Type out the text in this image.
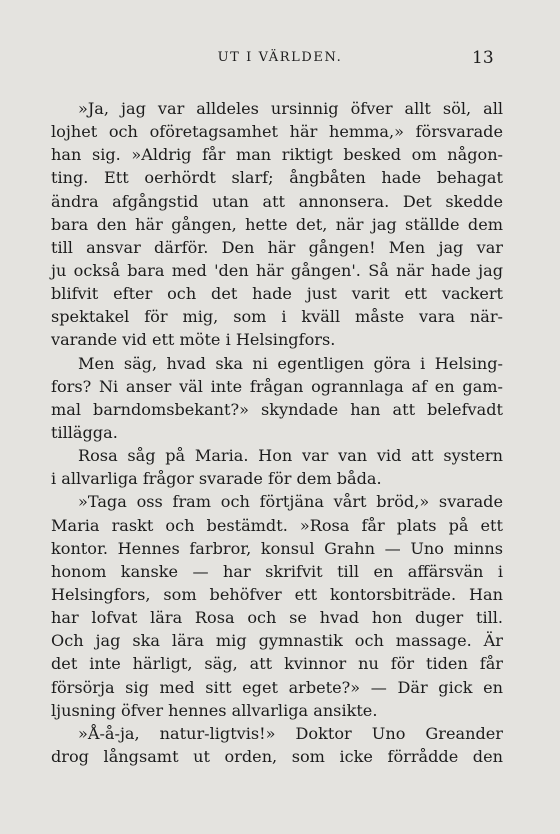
UT I VÄRLDEN.	13
»Ja, jag var alldeles ursinnig öfver allt söl, all
lojhet och oföretagsamhet här hemma,» försvarade
han sig. »Aldrig får man riktigt besked om någon-
ting. Ett oerhördt slarf; ångbåten hade behagat
ändra afgångstid utan att annonsera. Det skedde
bara den här gången, hette det, när jag ställde dem
till ansvar därför. Den här gången! Men jag var
ju också bara med 'den här gången'. Så när hade jag
blifvit efter och det hade just varit ett vackert
spektakel för mig, som i kväll måste vara när-
varande vid ett möte i Helsingfors.
Men säg, hvad ska ni egentligen göra i Helsing-
fors? Ni anser väl inte frågan ogrannlaga af en gam-
mal barndomsbekant?» skyndade han att belefvadt
tillägga.
Rosa såg på Maria. Hon var van vid att systern
i allvarliga frågor svarade för dem båda.
»Taga oss fram och förtjäna vårt bröd,» svarade
Maria raskt och bestämdt. »Rosa får plats på ett
kontor. Hennes farbror, konsul Grahn — Uno minns
honom kanske — har skrifvit till en affärsvän i
Helsingfors, som behöfver ett kontorsbiträde. Han
har lofvat lära Rosa och se hvad hon duger till.
Och jag ska lära mig gymnastik och massage. Är
det inte härligt, säg, att kvinnor nu för tiden får
försörja sig med sitt eget arbete?» — Där gick en
ljusning öfver hennes allvarliga ansikte.
»Å-å-ja, natur-ligtvis!» Doktor Uno Greander
drog långsamt ut orden, som icke förrådde den
